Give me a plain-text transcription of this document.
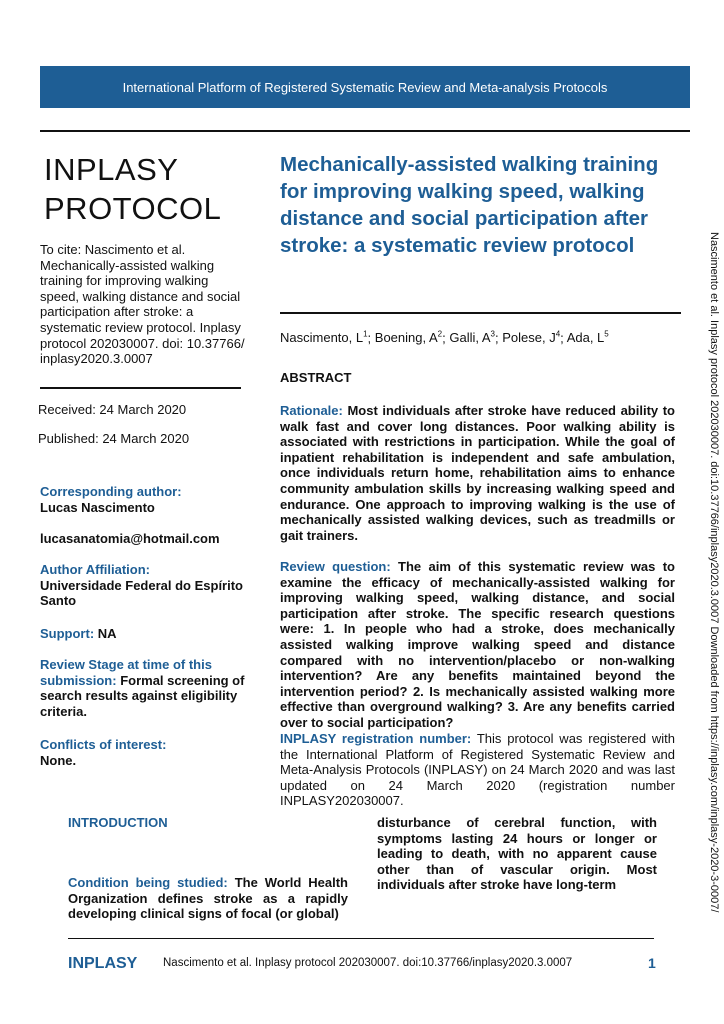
International Platform of Registered Systematic Review and Meta-analysis Protocols
INPLASY
PROTOCOL
To cite: Nascimento et al. Mechanically-assisted walking training for improving walking speed, walking distance and social participation after stroke: a systematic review protocol. Inplasy protocol 202030007. doi: 10.37766/ inplasy2020.3.0007
Received: 24 March 2020
Published: 24 March 2020
Corresponding author:
Lucas Nascimento
lucasanatomia@hotmail.com
Author Affiliation:
Universidade Federal do Espírito Santo
Support: NA
Review Stage at time of this submission: Formal screening of search results against eligibility criteria.
Conflicts of interest:
None.
Mechanically-assisted walking training for improving walking speed, walking distance and social participation after stroke: a systematic review protocol
Nascimento, $L^1$; Boening, $A^2$; Galli, $A^3$; Polese, $J^4$; Ada, $L^5$
ABSTRACT
Rationale: Most individuals after stroke have reduced ability to walk fast and cover long distances. Poor walking ability is associated with restrictions in participation. While the goal of inpatient rehabilitation is independent and safe ambulation, once individuals return home, rehabilitation aims to enhance community ambulation skills by increasing walking speed and endurance. One approach to improving walking is the use of mechanically assisted walking devices, such as treadmills or gait trainers.
Review question: The aim of this systematic review was to examine the efficacy of mechanically-assisted walking for improving walking speed, walking distance, and social participation after stroke. The specific research questions were: 1. In people who had a stroke, does mechanically assisted walking improve walking speed and distance compared with no intervention/placebo or non-walking intervention? Are any benefits maintained beyond the intervention period? 2. Is mechanically assisted walking more effective than overground walking? 3. Are any benefits carried over to social participation?
INPLASY registration number: This protocol was registered with the International Platform of Registered Systematic Review and Meta-Analysis Protocols (INPLASY) on 24 March 2020 and was last updated on 24 March 2020 (registration number INPLASY202030007.
INTRODUCTION
Condition being studied: The World Health Organization defines stroke as a rapidly developing clinical signs of focal (or global)
disturbance of cerebral function, with symptoms lasting 24 hours or longer or leading to death, with no apparent cause other than of vascular origin. Most individuals after stroke have long-term
INPLASY Nascimento et al. Inplasy protocol 202030007. doi:10.37766/inplasy2020.3.0007	1
Nascimento et al. Inplasy protocol 202030007. doi:10.37766/inplasy2020.3.0007 Downloaded from https://inplasy.com/inplasy-2020-3-0007/
